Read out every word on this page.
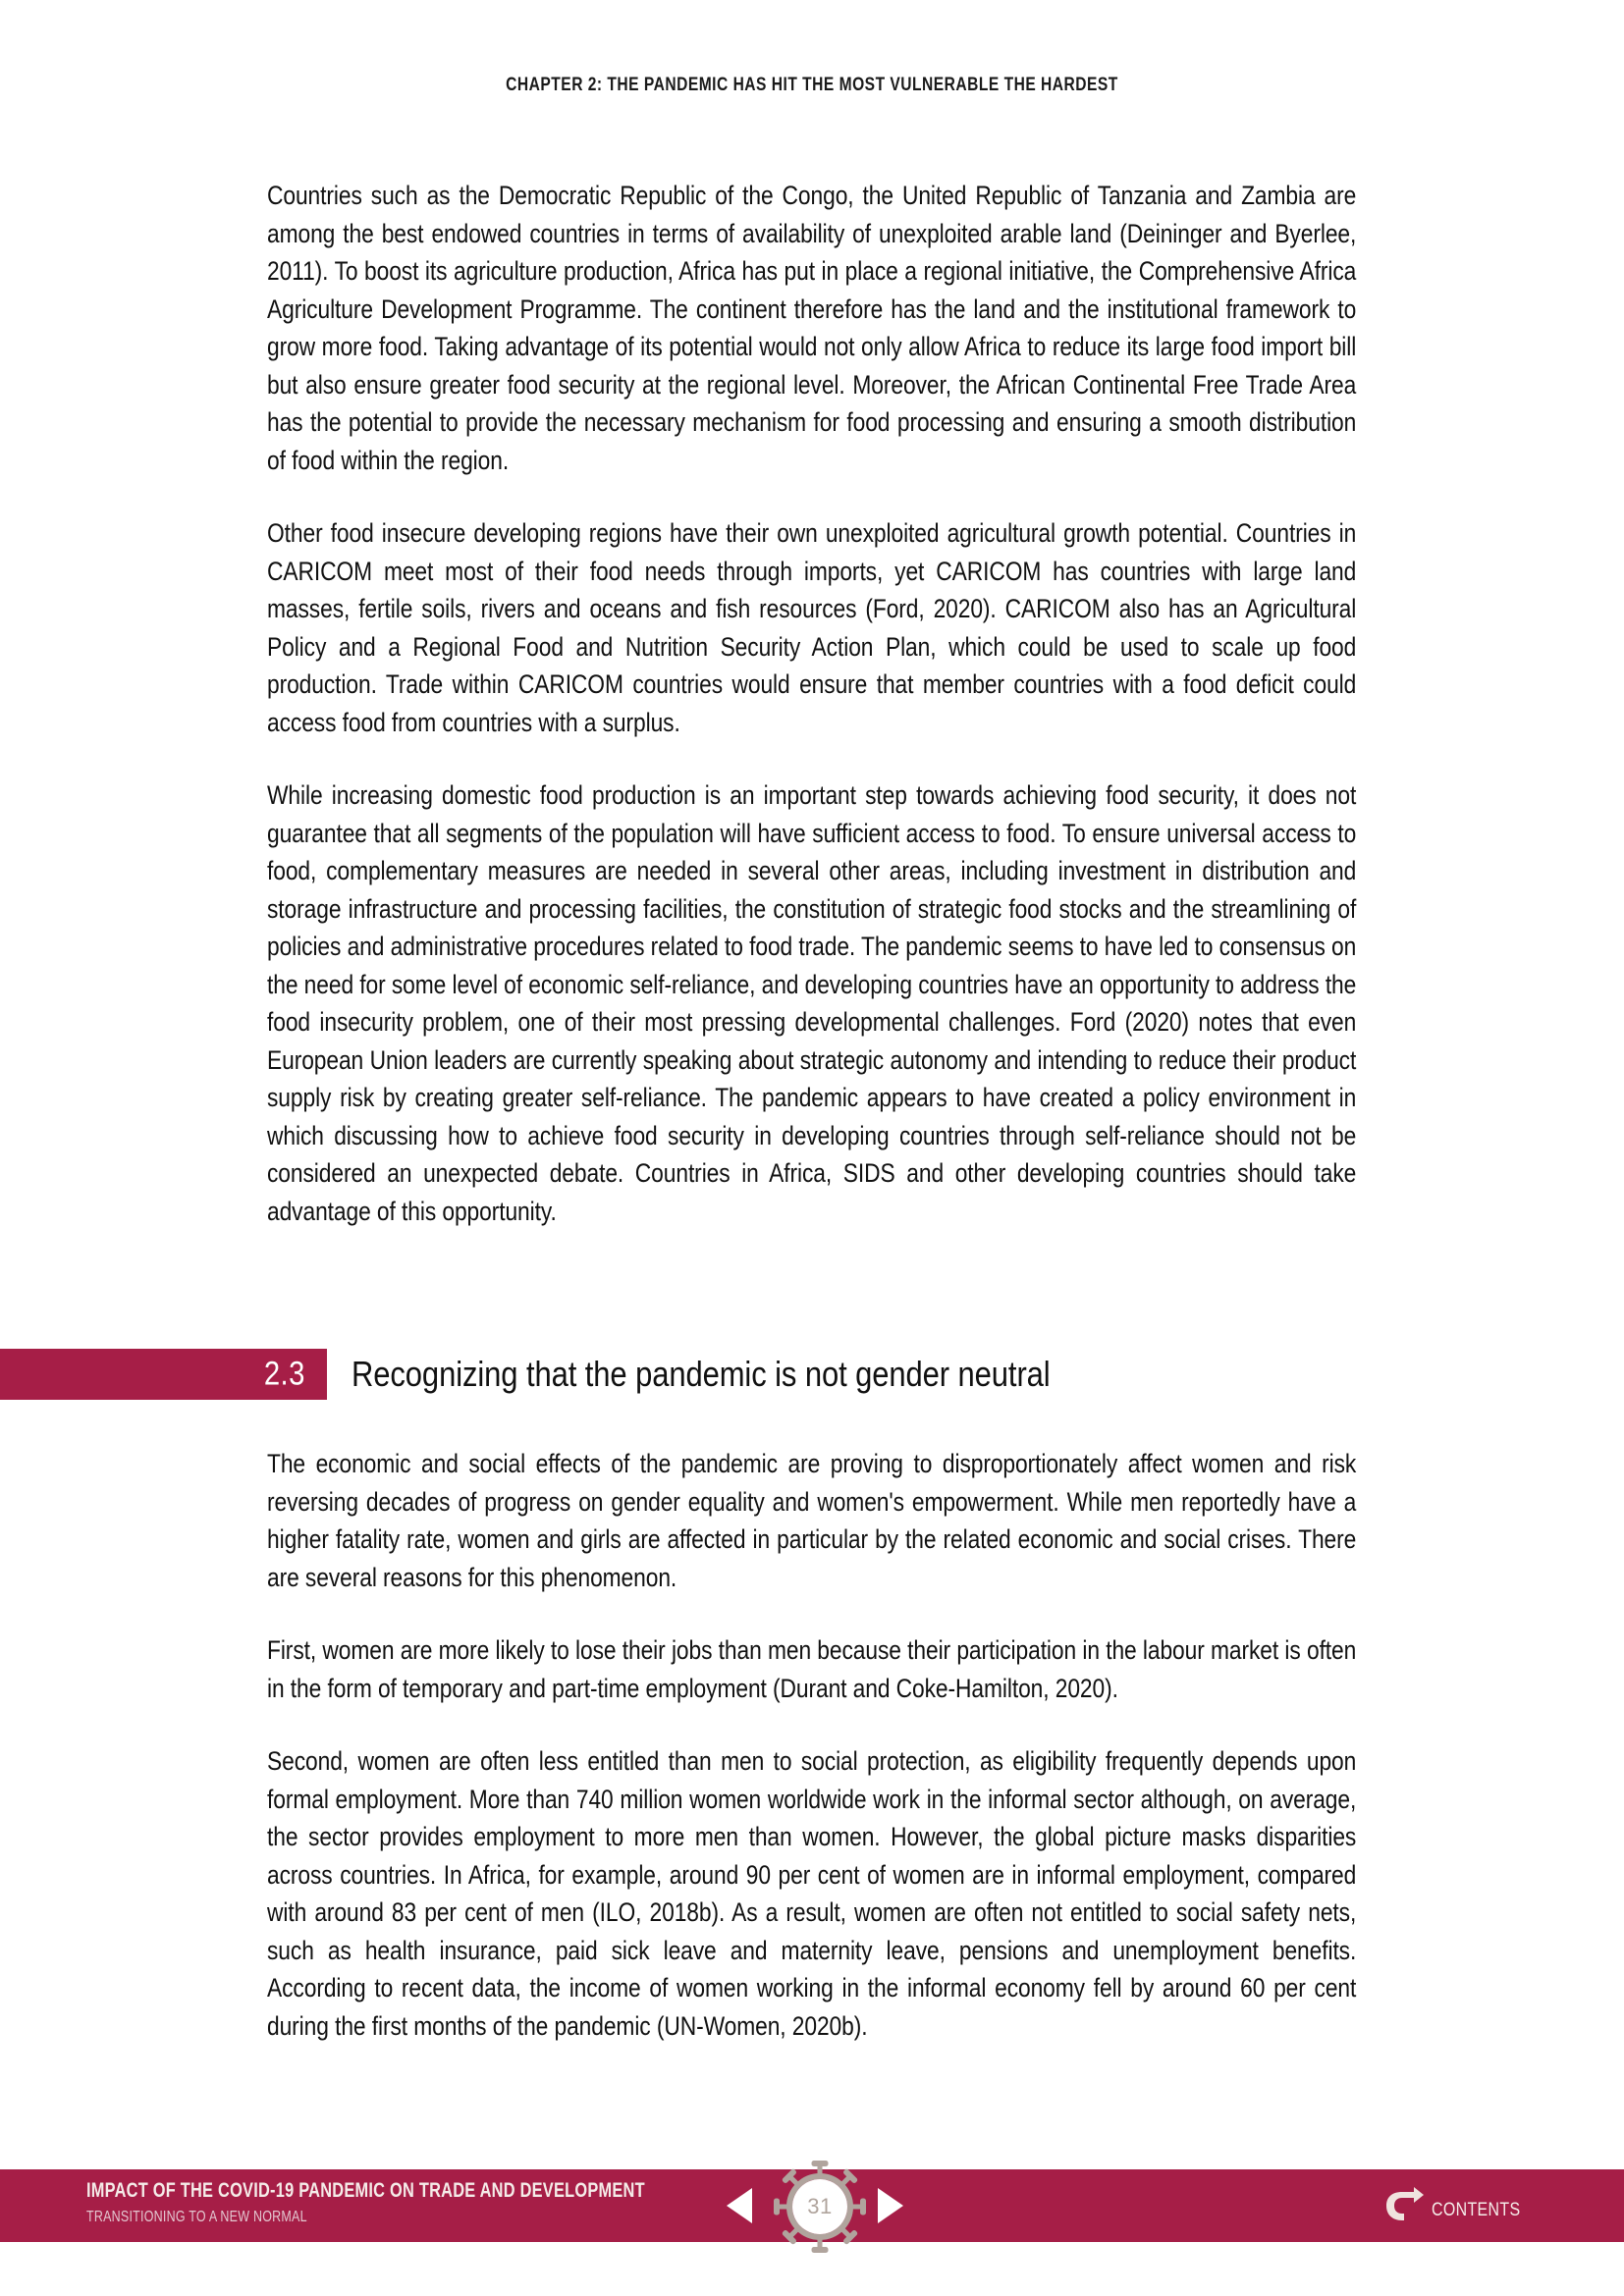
CHAPTER 2: THE PANDEMIC HAS HIT THE MOST VULNERABLE THE HARDEST

Countries such as the Democratic Republic of the Congo, the United Republic of Tanzania and Zambia are among the best endowed countries in terms of availability of unexploited arable land (Deininger and Byerlee, 2011). To boost its agriculture production, Africa has put in place a regional initiative, the Comprehensive Africa Agriculture Development Programme. The continent therefore has the land and the institutional framework to grow more food. Taking advantage of its potential would not only allow Africa to reduce its large food import bill but also ensure greater food security at the regional level. Moreover, the African Continental Free Trade Area has the potential to provide the necessary mechanism for food processing and ensuring a smooth distribution of food within the region.

Other food insecure developing regions have their own unexploited agricultural growth potential. Countries in CARICOM meet most of their food needs through imports, yet CARICOM has countries with large land masses, fertile soils, rivers and oceans and fish resources (Ford, 2020). CARICOM also has an Agricultural Policy and a Regional Food and Nutrition Security Action Plan, which could be used to scale up food production. Trade within CARICOM countries would ensure that member countries with a food deficit could access food from countries with a surplus.

While increasing domestic food production is an important step towards achieving food security, it does not guarantee that all segments of the population will have sufficient access to food. To ensure universal access to food, complementary measures are needed in several other areas, including investment in distribution and storage infrastructure and processing facilities, the constitution of strategic food stocks and the streamlining of policies and administrative procedures related to food trade. The pandemic seems to have led to consensus on the need for some level of economic self-reliance, and developing countries have an opportunity to address the food insecurity problem, one of their most pressing developmental challenges. Ford (2020) notes that even European Union leaders are currently speaking about strategic autonomy and intending to reduce their product supply risk by creating greater self-reliance. The pandemic appears to have created a policy environment in which discussing how to achieve food security in developing countries through self-reliance should not be considered an unexpected debate. Countries in Africa, SIDS and other developing countries should take advantage of this opportunity.

2.3 Recognizing that the pandemic is not gender neutral

The economic and social effects of the pandemic are proving to disproportionately affect women and risk reversing decades of progress on gender equality and women's empowerment. While men reportedly have a higher fatality rate, women and girls are affected in particular by the related economic and social crises. There are several reasons for this phenomenon.

First, women are more likely to lose their jobs than men because their participation in the labour market is often in the form of temporary and part-time employment (Durant and Coke-Hamilton, 2020).

Second, women are often less entitled than men to social protection, as eligibility frequently depends upon formal employment. More than 740 million women worldwide work in the informal sector although, on average, the sector provides employment to more men than women. However, the global picture masks disparities across countries. In Africa, for example, around 90 per cent of women are in informal employment, compared with around 83 per cent of men (ILO, 2018b). As a result, women are often not entitled to social safety nets, such as health insurance, paid sick leave and maternity leave, pensions and unemployment benefits. According to recent data, the income of women working in the informal economy fell by around 60 per cent during the first months of the pandemic (UN-Women, 2020b).

IMPACT OF THE COVID-19 PANDEMIC ON TRADE AND DEVELOPMENT
TRANSITIONING TO A NEW NORMAL	31	CONTENTS
